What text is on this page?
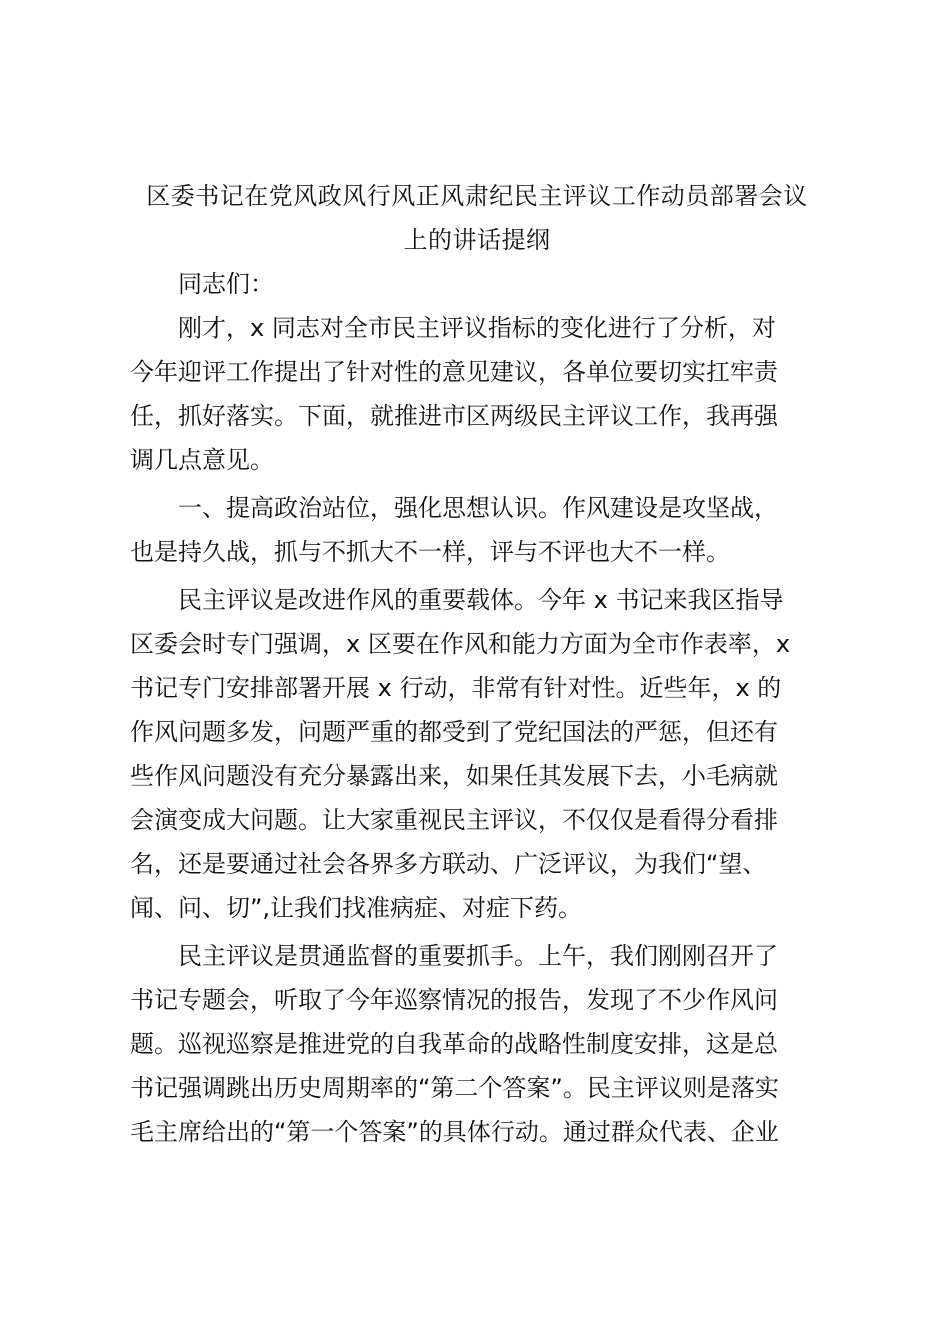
区委书记在党风政风行风正风肃纪民主评议工作动员部署会议
上的讲话提纲

同志们：

刚才，x 同志对全市民主评议指标的变化进行了分析，对
今年迎评工作提出了针对性的意见建议，各单位要切实扛牢责
任，抓好落实。下面，就推进市区两级民主评议工作，我再强
调几点意见。

一、提高政治站位，强化思想认识。作风建设是攻坚战，
也是持久战，抓与不抓大不一样，评与不评也大不一样。

民主评议是改进作风的重要载体。今年 x 书记来我区指导
区委会时专门强调，x 区要在作风和能力方面为全市作表率，x
书记专门安排部署开展 x 行动，非常有针对性。近些年，x 的
作风问题多发，问题严重的都受到了党纪国法的严惩，但还有
些作风问题没有充分暴露出来，如果任其发展下去，小毛病就
会演变成大问题。让大家重视民主评议，不仅仅是看得分看排
名，还是要通过社会各界多方联动、广泛评议，为我们“望、
闻、问、切”,让我们找准病症、对症下药。

民主评议是贯通监督的重要抓手。上午，我们刚刚召开了
书记专题会，听取了今年巡察情况的报告，发现了不少作风问
题。巡视巡察是推进党的自我革命的战略性制度安排，这是总
书记强调跳出历史周期率的“第二个答案”。民主评议则是落实
毛主席给出的“第一个答案”的具体行动。通过群众代表、企业
